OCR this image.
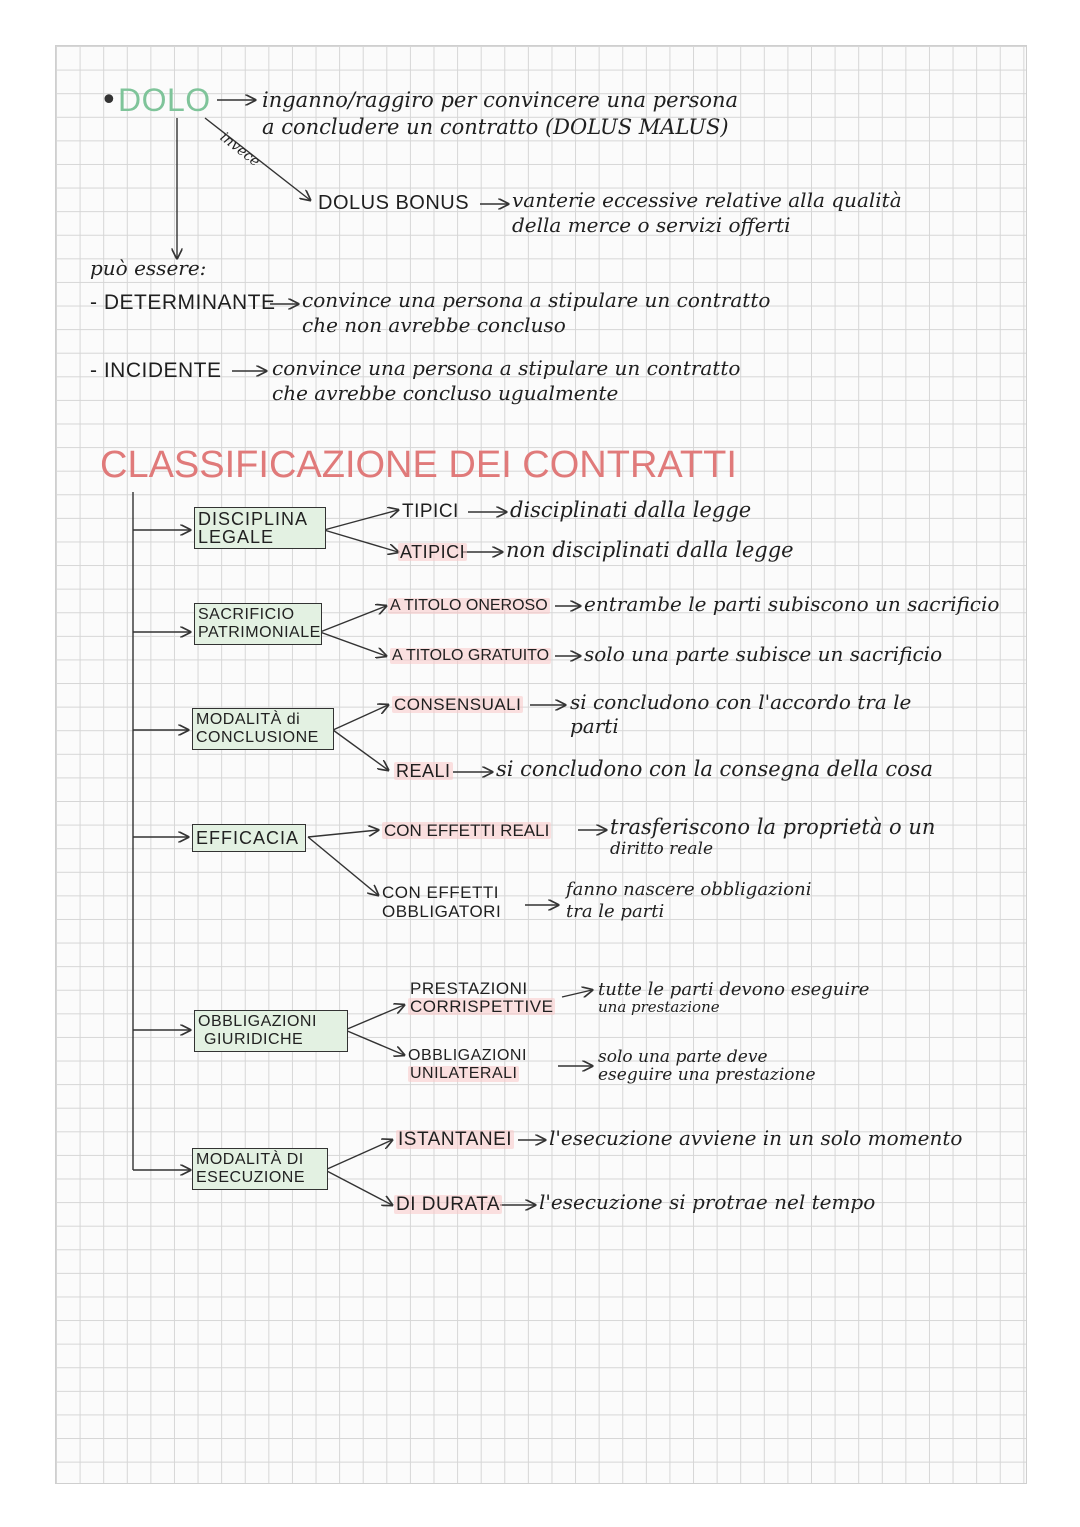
• DOLO inganno/raggiro per convincere una persona
a concludere un contratto (DOLUS MALUS)
invece
DOLUS BONUS vanterie eccessive relative alla qualità
della merce o servizi offerti
può essere:
- DETERMINANTE convince una persona a stipulare un contratto
che non avrebbe concluso
- INCIDENTE	convince una persona a stipulare un contratto
che avrebbe concluso ugualmente
CLASSIFICAZIONE DEI CONTRATTI
DISCIPLINA
LEGALE
TIPICI disciplinati dalla legge
ATIPICI non disciplinati dalla legge
SACRIFICIO
PATRIMONIALE
A TITOLO ONEROSO entrambe le parti subiscono un sacrificio
A TITOLO GRATUITO solo una parte subisce un sacrificio
MODALITÀ di
CONCLUSIONE
CONSENSUALI si concludono con l'accordo tra le
parti
REALI si concludono con la consegna della cosa
EFFICACIA	CON EFFETTI REALI	trasferiscono la proprietà o un
diritto reale
CON EFFETTI
OBBLIGATORI
fanno nascere obbligazioni
tra le parti
OBBLIGAZIONI
GIURIDICHE
PRESTAZIONI
CORRISPETTIVE
tutte le parti devono eseguire
una prestazione
OBBLIGAZIONI
UNILATERALI
solo una parte deve
eseguire una prestazione
MODALITÀ DI
ESECUZIONE
ISTANTANEI l'esecuzione avviene in un solo momento
DI DURATA l'esecuzione si protrae nel tempo
